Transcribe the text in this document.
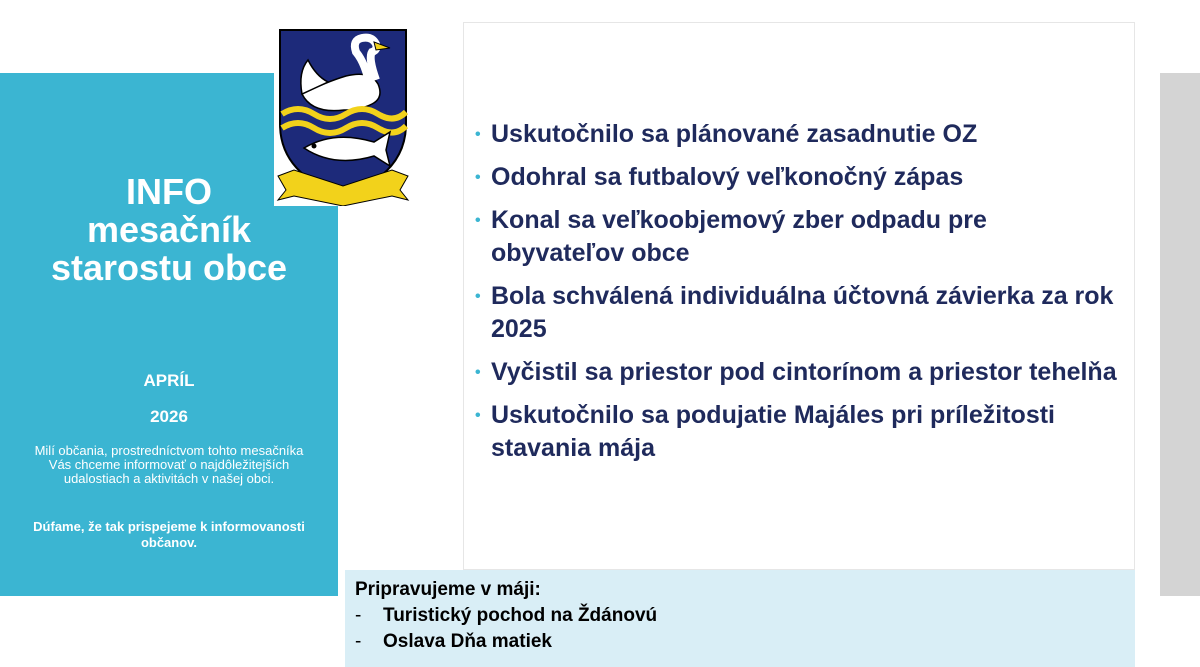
INFO
mesačník
starostu obce
APRÍL
2026
Milí občania, prostredníctvom tohto mesačníka Vás chceme informovať o najdôležitejších udalostiach a aktivitách v našej obci.
Dúfame, že tak prispejeme k informovanosti občanov.
• Uskutočnilo sa plánované zasadnutie OZ
• Odohral sa futbalový veľkonočný zápas
• Konal sa veľkoobjemový zber odpadu pre obyvateľov obce
• Bola schválená individuálna účtovná závierka za rok 2025
• Vyčistil sa priestor pod cintorínom a priestor tehelňa
• Uskutočnilo sa podujatie Majáles pri príležitosti stavania mája
Pripravujeme v máji:
-	Turistický pochod na Ždánovú
-	Oslava Dňa matiek
